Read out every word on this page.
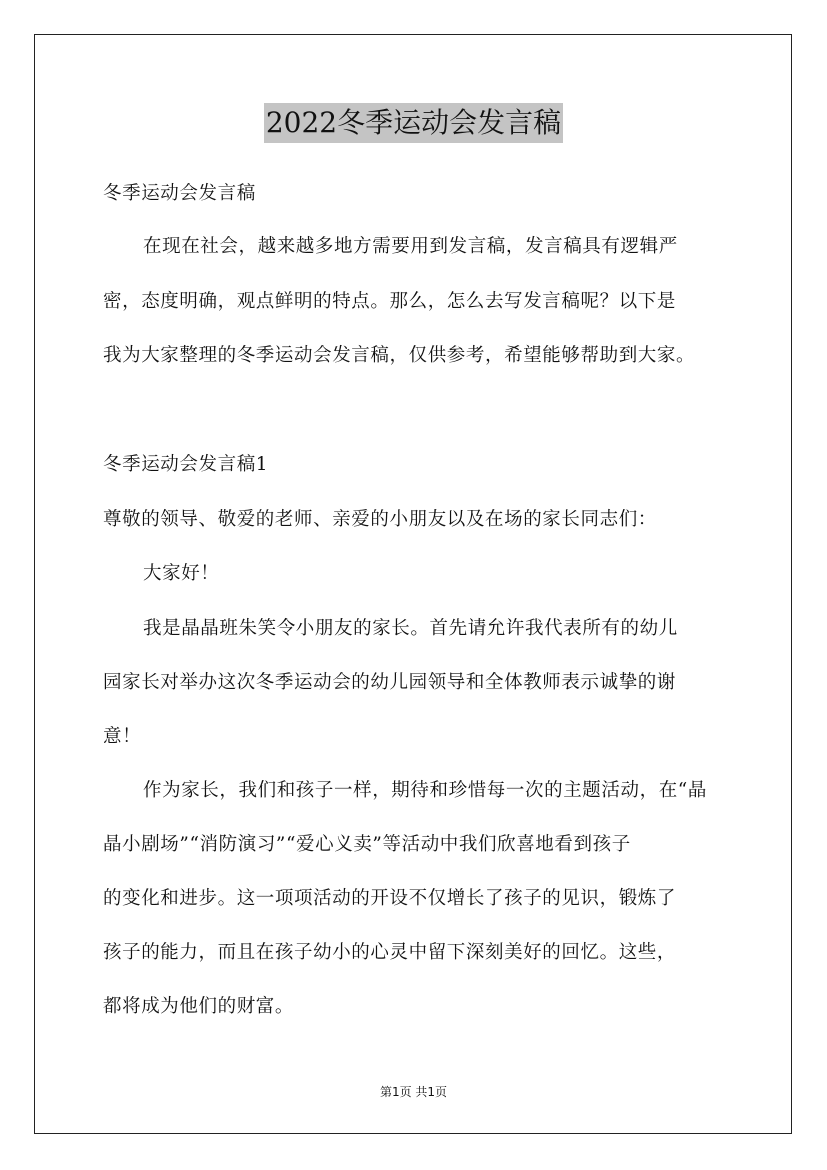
2022冬季运动会发言稿

冬季运动会发言稿

在现在社会，越来越多地方需要用到发言稿，发言稿具有逻辑严

密，态度明确，观点鲜明的特点。那么，怎么去写发言稿呢？以下是

我为大家整理的冬季运动会发言稿，仅供参考，希望能够帮助到大家。

冬季运动会发言稿1

尊敬的领导、敬爱的老师、亲爱的小朋友以及在场的家长同志们：

大家好！

我是晶晶班朱笑令小朋友的家长。首先请允许我代表所有的幼儿

园家长对举办这次冬季运动会的幼儿园领导和全体教师表示诚挚的谢

意！

作为家长，我们和孩子一样，期待和珍惜每一次的主题活动，在“晶

晶小剧场”“消防演习”“爱心义卖”等活动中我们欣喜地看到孩子

的变化和进步。这一项项活动的开设不仅增长了孩子的见识，锻炼了

孩子的能力，而且在孩子幼小的心灵中留下深刻美好的回忆。这些，

都将成为他们的财富。

第1页 共1页
